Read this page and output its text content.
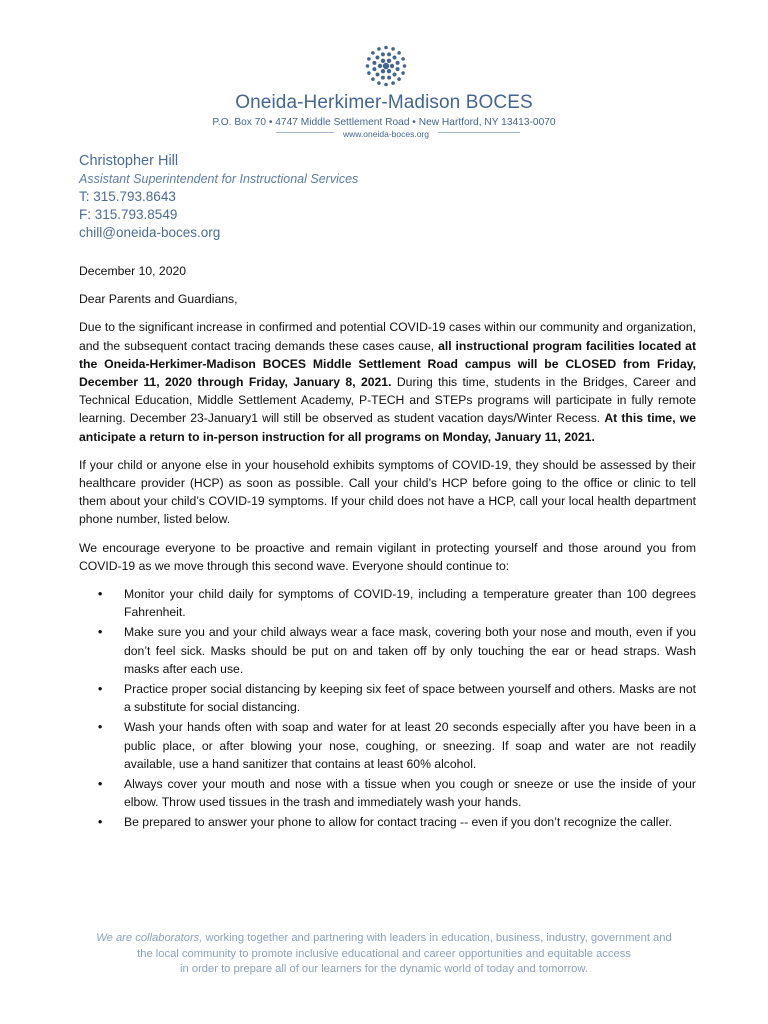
Oneida-Herkimer-Madison BOCES
P.O. Box 70 • 4747 Middle Settlement Road • New Hartford, NY 13413-0070
www.oneida-boces.org
Christopher Hill
Assistant Superintendent for Instructional Services
T: 315.793.8643
F: 315.793.8549
chill@oneida-boces.org

December 10, 2020

Dear Parents and Guardians,

Due to the significant increase in confirmed and potential COVID-19 cases within our community and organization, and the subsequent contact tracing demands these cases cause, all instructional program facilities located at the Oneida-Herkimer-Madison BOCES Middle Settlement Road campus will be CLOSED from Friday, December 11, 2020 through Friday, January 8, 2021. During this time, students in the Bridges, Career and Technical Education, Middle Settlement Academy, P-TECH and STEPs programs will participate in fully remote learning. December 23-January1 will still be observed as student vacation days/Winter Recess. At this time, we anticipate a return to in-person instruction for all programs on Monday, January 11, 2021.

If your child or anyone else in your household exhibits symptoms of COVID-19, they should be assessed by their healthcare provider (HCP) as soon as possible. Call your child’s HCP before going to the office or clinic to tell them about your child’s COVID-19 symptoms. If your child does not have a HCP, call your local health department phone number, listed below.

We encourage everyone to be proactive and remain vigilant in protecting yourself and those around you from COVID-19 as we move through this second wave. Everyone should continue to:

• Monitor your child daily for symptoms of COVID-19, including a temperature greater than 100 degrees Fahrenheit.
• Make sure you and your child always wear a face mask, covering both your nose and mouth, even if you don’t feel sick. Masks should be put on and taken off by only touching the ear or head straps. Wash masks after each use.
• Practice proper social distancing by keeping six feet of space between yourself and others. Masks are not a substitute for social distancing.
• Wash your hands often with soap and water for at least 20 seconds especially after you have been in a public place, or after blowing your nose, coughing, or sneezing. If soap and water are not readily available, use a hand sanitizer that contains at least 60% alcohol.
• Always cover your mouth and nose with a tissue when you cough or sneeze or use the inside of your elbow. Throw used tissues in the trash and immediately wash your hands.
• Be prepared to answer your phone to allow for contact tracing -- even if you don’t recognize the caller.
We are collaborators, working together and partnering with leaders in education, business, industry, government and
the local community to promote inclusive educational and career opportunities and equitable access
in order to prepare all of our learners for the dynamic world of today and tomorrow.
